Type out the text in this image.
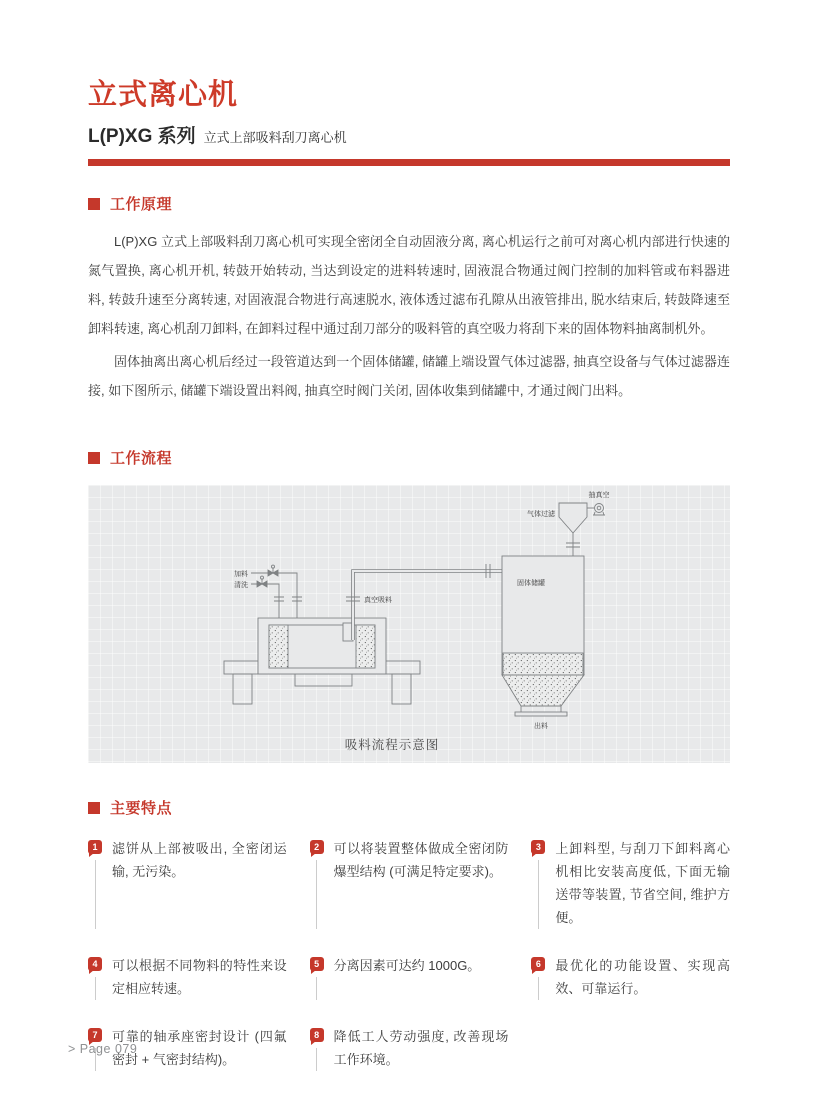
立式离心机
L(P)XG 系列 立式上部吸料刮刀离心机
工作原理

L(P)XG 立式上部吸料刮刀离心机可实现全密闭全自动固液分离, 离心机运行之前可对离心机内部进行快速的氮气置换, 离心机开机, 转鼓开始转动, 当达到设定的进料转速时, 固液混合物通过阀门控制的加料管或布料器进料, 转鼓升速至分离转速, 对固液混合物进行高速脱水, 液体透过滤布孔隙从出液管排出, 脱水结束后, 转鼓降速至卸料转速, 离心机刮刀卸料, 在卸料过程中通过刮刀部分的吸料管的真空吸力将刮下来的固体物料抽离制机外。

固体抽离出离心机后经过一段管道达到一个固体储罐, 储罐上端设置气体过滤器, 抽真空设备与气体过滤器连接, 如下图所示, 储罐下端设置出料阀, 抽真空时阀门关闭, 固体收集到储罐中, 才通过阀门出料。

工作流程
加料
清洗
真空吸料
气体过滤
抽真空
固体储罐
出料
吸料流程示意图
主要特点
1	滤饼从上部被吸出, 全密闭运输, 无污染。
2	可以将装置整体做成全密闭防爆型结构 (可满足特定要求)。
3	上卸料型, 与刮刀下卸料离心机相比安装高度低, 下面无输送带等装置, 节省空间, 维护方便。
4	可以根据不同物料的特性来设定相应转速。
5	分离因素可达约 1000G。	6	最优化的功能设置、实现高效、可靠运行。
7	可靠的轴承座密封设计 (四氟密封 + 气密封结构)。
8	降低工人劳动强度, 改善现场工作环境。
> Page 079
